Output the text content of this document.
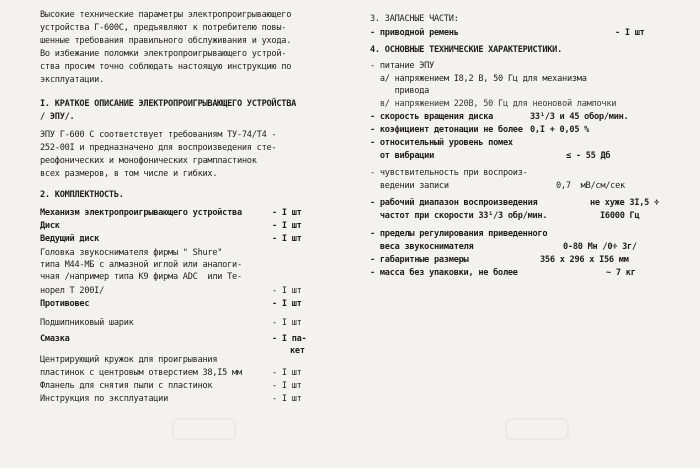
Высокие технические параметры электропроигрывающего
устройства Г-600С, предъявляют к потребителю повы-
шенные требования правильного обслуживания и ухода.
Во избежание поломки электропроигрывающего устрой-
ства просим точно соблюдать настоящую инструкцию по
эксплуатации.
I. КРАТКОЕ ОПИСАНИЕ ЭЛЕКТРОПРОИГРЫВАЮЩЕГО УСТРОЙСТВА
/ ЭПУ/.
ЭПУ Г-600 С соответствует требованиям ТУ-74/Т4 -
252-00I и предназначено для воспроизведения сте-
реофонических и монофонических грампластинок
всех размеров, в том числе и гибких.
2. КОМПЛЕКТНОСТЬ.
Механизм электропроигрывающего устройства	- I шт
Диск	- I шт
Ведущий диск	- I шт
Головка звукоснимателя фирмы " Shure"
типа М44-МБ с алмазной иглой или аналоги-
чная /например типа К9 фирма ADC  или Те-
норел Т 200I/	- I шт
Противовес	- I шт
Подшипниковый шарик	- I шт
Смазка	- I па-
кет
Центрирующий кружок для проигрывания
пластинок с центровым отверстием 38,I5 мм	- I шт
Фланель для снятия пыли с пластинок	- I шт
Инструкция по эксплуатации	- I шт
3. ЗАПАСНЫЕ ЧАСТИ:
- приводной ремень	- I шт
4. ОСНОВНЫЕ ТЕХНИЧЕСКИЕ ХАРАКТЕРИСТИКИ.
- питание ЭПУ
а/ напряжением I8,2 В, 50 Гц для механизма
привода
в/ напряжением 220В, 50 Гц для неоновой лампочки
- скорость вращения диска	33¹/3 и 45 обор/мин.
- коэфициент детонации не более 0,I + 0,05 %
- относительный уровень помех
от вибрации	≤ - 55 Дб
- чувствительность при воспроиз-
ведении записи	0,7  мВ/см/сек
- рабочий диапазон воспроизведения	не хуже 3I,5 ÷
частот при скорости 33¹/3 обр/мин.	I6000 Гц
- пределы регулирования приведенного
веса звукоснимателя	0-80 Мн /0÷ 3г/
- габаритные размеры	356 х 296 х I56 мм
- масса без упаковки, не более	~ 7 кг
